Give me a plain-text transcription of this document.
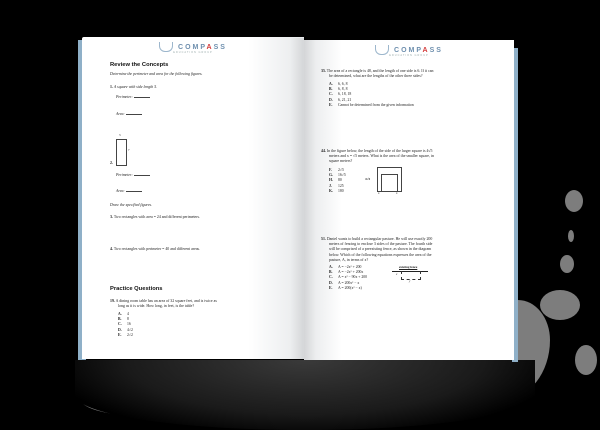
COMPASS
EDUCATION GROUP
Review the Concepts
Determine the perimeter and area for the following figures.
1. A square with side length 5.
Perimeter:
Area:
3
7
2.
Perimeter:
Area:
Draw the specified figures.
3. Two rectangles with area = 24 and different perimeters.
4. Two rectangles with perimeter = 40 and different areas.
Practice Questions
19. A dining room table has an area of 32 square feet, and is twice as
long as it is wide. How long, in feet, is the table?
A. 4
B. 8
C. 16
D. 4√2
E. 2√2
COMPASS
EDUCATION GROUP
35. The area of a rectangle is 48, and the length of one side is 6. If it can
be determined, what are the lengths of the other three sides?
A. 6, 6, 8
B. 6, 8, 8
C. 6, 18, 18
D. 6, 21, 21
E. Cannot be determined from the given information
44. In the figure below, the length of the side of the larger square is 4√5
meters and x = √5 meters. What is the area of the smaller square, in
square meters?
F. 2√5
G. 16√5
H. 80
J. 125
K. 180
4√5
x	x
51. Daniel wants to build a rectangular pasture. He will use exactly 200
meters of fencing to enclose 3 sides of the pasture. The fourth side
will be comprised of a preexisting fence, as shown in the diagram
below. Which of the following equations expresses the area of the
pasture, A, in terms of x?
A. A = −2x² + 200
B. A = −2x² + 200x
C. A = x² − 90x + 200
D. A = 200x² − x
E. A = 200(x² − x)
existing fence
x
y
